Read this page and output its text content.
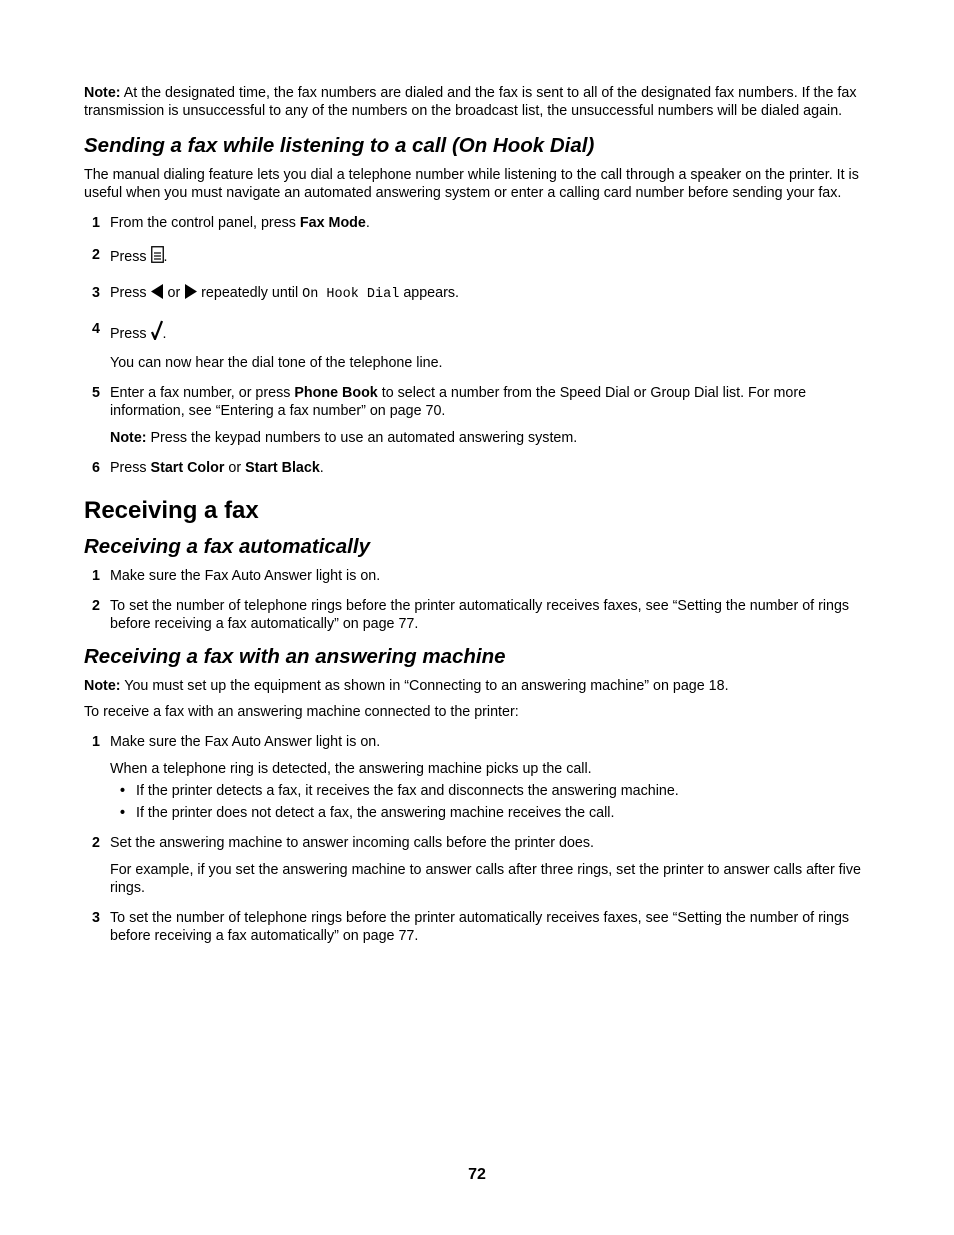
Note: At the designated time, the fax numbers are dialed and the fax is sent to all of the designated fax numbers. If the fax transmission is unsuccessful to any of the numbers on the broadcast list, the unsuccessful numbers will be dialed again.

Sending a fax while listening to a call (On Hook Dial)

The manual dialing feature lets you dial a telephone number while listening to the call through a speaker on the printer. It is useful when you must navigate an automated answering system or enter a calling card number before sending your fax.

1 From the control panel, press Fax Mode.

2 Press .

3 Press  or  repeatedly until On Hook Dial appears.

4 Press .

You can now hear the dial tone of the telephone line.

5 Enter a fax number, or press Phone Book to select a number from the Speed Dial or Group Dial list. For more information, see “Entering a fax number” on page 70.

Note: Press the keypad numbers to use an automated answering system.

6 Press Start Color or Start Black.

Receiving a fax
Receiving a fax automatically
1 Make sure the Fax Auto Answer light is on.

2 To set the number of telephone rings before the printer automatically receives faxes, see “Setting the number of rings before receiving a fax automatically” on page 77.

Receiving a fax with an answering machine

Note: You must set up the equipment as shown in “Connecting to an answering machine” on page 18.

To receive a fax with an answering machine connected to the printer:

1 Make sure the Fax Auto Answer light is on.

When a telephone ring is detected, the answering machine picks up the call.

• If the printer detects a fax, it receives the fax and disconnects the answering machine.
• If the printer does not detect a fax, the answering machine receives the call.
2 Set the answering machine to answer incoming calls before the printer does.

For example, if you set the answering machine to answer calls after three rings, set the printer to answer calls after five rings.

3 To set the number of telephone rings before the printer automatically receives faxes, see “Setting the number of rings before receiving a fax automatically” on page 77.

72
